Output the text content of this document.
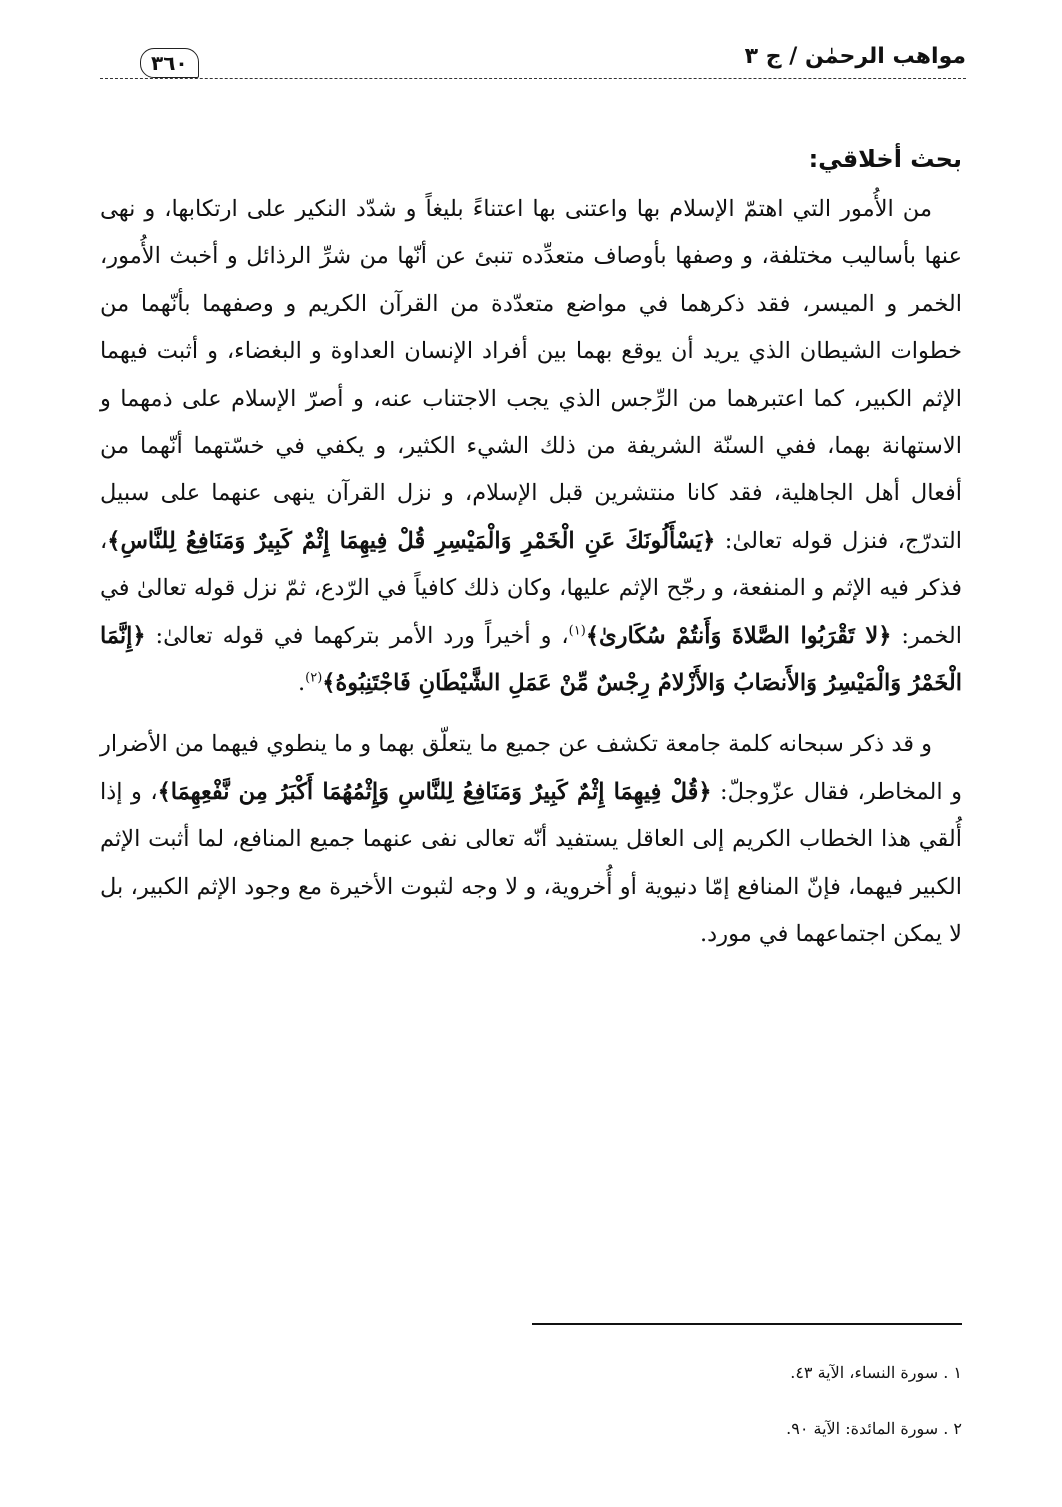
مواهب الرحمٰن / ج ٣
٣٦٠
بحث أخلاقي:

من الأُمور التي اهتمّ الإسلام بها واعتنى بها اعتناءً بليغاً و شدّد النكير على ارتكابها، و نهى عنها بأساليب مختلفة، و وصفها بأوصاف متعدِّده تنبئ عن أنّها من شرِّ الرذائل و أخبث الأُمور، الخمر و الميسر، فقد ذكرهما في مواضع متعدّدة من القرآن الكريم و وصفهما بأنّهما من خطوات الشيطان الذي يريد أن يوقع بهما بين أفراد الإنسان العداوة و البغضاء، و أثبت فيهما الإثم الكبير، كما اعتبرهما من الرِّجس الذي يجب الاجتناب عنه، و أصرّ الإسلام على ذمهما و الاستهانة بهما، ففي السنّة الشريفة من ذلك الشيء الكثير، و يكفي في خسّتهما أنّهما من أفعال أهل الجاهلية، فقد كانا منتشرين قبل الإسلام، و نزل القرآن ينهى عنهما على سبيل التدرّج، فنزل قوله تعالىٰ: ﴿يَسْأَلُونَكَ عَنِ الْخَمْرِ وَالْمَيْسِرِ قُلْ فِيهِمَا إِثْمٌ كَبِيرٌ وَمَنَافِعُ لِلنَّاسِ﴾، فذكر فيه الإثم و المنفعة، و رجّح الإثم عليها، وكان ذلك كافياً في الرّدع، ثمّ نزل قوله تعالىٰ في الخمر: ﴿لا تَقْرَبُوا الصَّلاةَ وَأَنتُمْ سُكَارىٰ﴾$^{(١)}$، و أخيراً ورد الأمر بتركهما في قوله تعالىٰ: ﴿إِنَّمَا الْخَمْرُ وَالْمَيْسِرُ وَالأَنصَابُ وَالأَزْلامُ رِجْسٌ مِّنْ عَمَلِ الشَّيْطَانِ فَاجْتَنِبُوهُ﴾$^{(٢)}$.

و قد ذكر سبحانه كلمة جامعة تكشف عن جميع ما يتعلّق بهما و ما ينطوي فيهما من الأضرار و المخاطر، فقال عزّوجلّ: ﴿قُلْ فِيهِمَا إِثْمٌ كَبِيرٌ وَمَنَافِعُ لِلنَّاسِ وَإِثْمُهُمَا أَكْبَرُ مِن نَّفْعِهِمَا﴾، و إذا أُلقي هذا الخطاب الكريم إلى العاقل يستفيد أنّه تعالى نفى عنهما جميع المنافع، لما أثبت الإثم الكبير فيهما، فإنّ المنافع إمّا دنيوية أو أُخروية، و لا وجه لثبوت الأخيرة مع وجود الإثم الكبير، بل لا يمكن اجتماعهما في مورد.

١ . سورة النساء، الآية ٤٣.
٢ . سورة المائدة: الآية ٩٠.
